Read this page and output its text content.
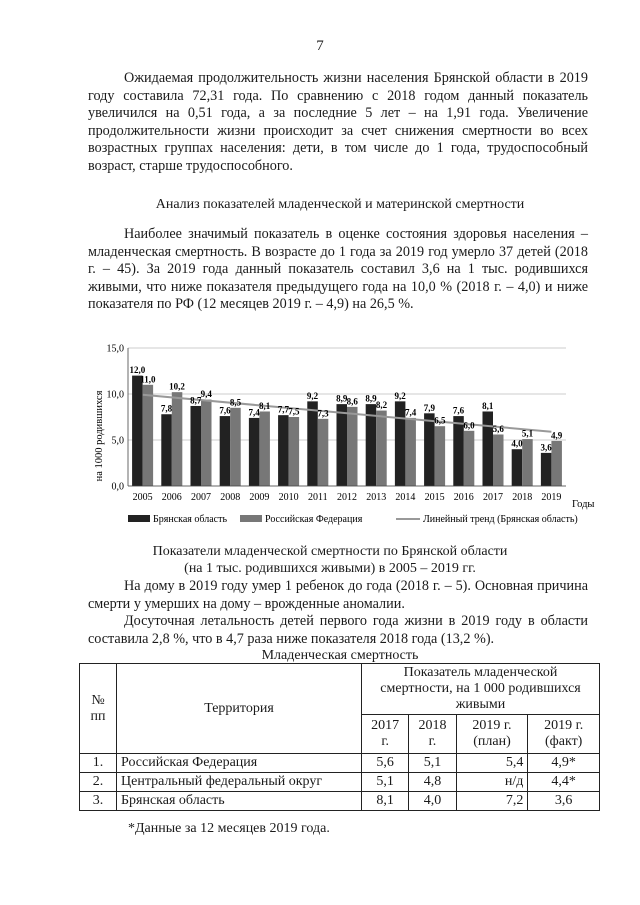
7

Ожидаемая продолжительность жизни населения Брянской области в 2019 году составила 72,31 года. По сравнению с 2018 годом данный показатель увеличился на 0,51 года, а за последние 5 лет – на 1,91 года. Увеличение продолжительности жизни происходит за счет снижения смертности во всех возрастных группах населения: дети, в том числе до 1 года, трудоспособный возраст, старше трудоспособного.

Анализ показателей младенческой и материнской смертности

Наиболее значимый показатель в оценке состояния здоровья населения – младенческая смертность. В возрасте до 1 года за 2019 год умерло 37 детей (2018 г. – 45). За 2019 года данный показатель составил 3,6 на 1 тыс. родившихся живыми, что ниже показателя предыдущего года на 10,0 % (2018 г. – 4,0) и ниже показателя по РФ (12 месяцев 2019 г. – 4,9) на 26,5 %.

0,0
5,0
10,0
15,0
на 1000 родившихся
12,0
7,8
8,7
7,6 7,4 7,7
9,2 8,9 8,9 9,2
7,9 7,6 8,1
4,0 3,6
11,0
10,2
9,4
8,5 8,1
7,5 7,3
8,6 8,2
7,4
6,5 6,0 5,6 5,1 4,9
2005 2006 2007 2008 2009 2010 2011 2012 2013 2014 2015 2016 2017 2018 2019
Годы
Брянская область	Российская Федерация	Линейный тренд (Брянская область)
Показатели младенческой смертности по Брянской области
(на 1 тыс. родившихся живыми) в 2005 – 2019 гг.

На дому в 2019 году умер 1 ребенок до года (2018 г. – 5). Основная причина смерти у умерших на дому – врожденные аномалии.

Досуточная летальность детей первого года жизни в 2019 году в области составила 2,8 %, что в 4,7 раза ниже показателя 2018 года (13,2 %).

Младенческая смертность
№ пп	Территория	Показатель младенческой смертности, на 1 000 родившихся живыми			
		2017 г.	2018 г.	2019 г. (план)	2019 г. (факт)
1.	Российская Федерация	5,6	5,1	5,4	4,9*
2.	Центральный федеральный округ	5,1	4,8	н/д	4,4*
3.	Брянская область	8,1	4,0	7,2	3,6
*Данные за 12 месяцев 2019 года.
